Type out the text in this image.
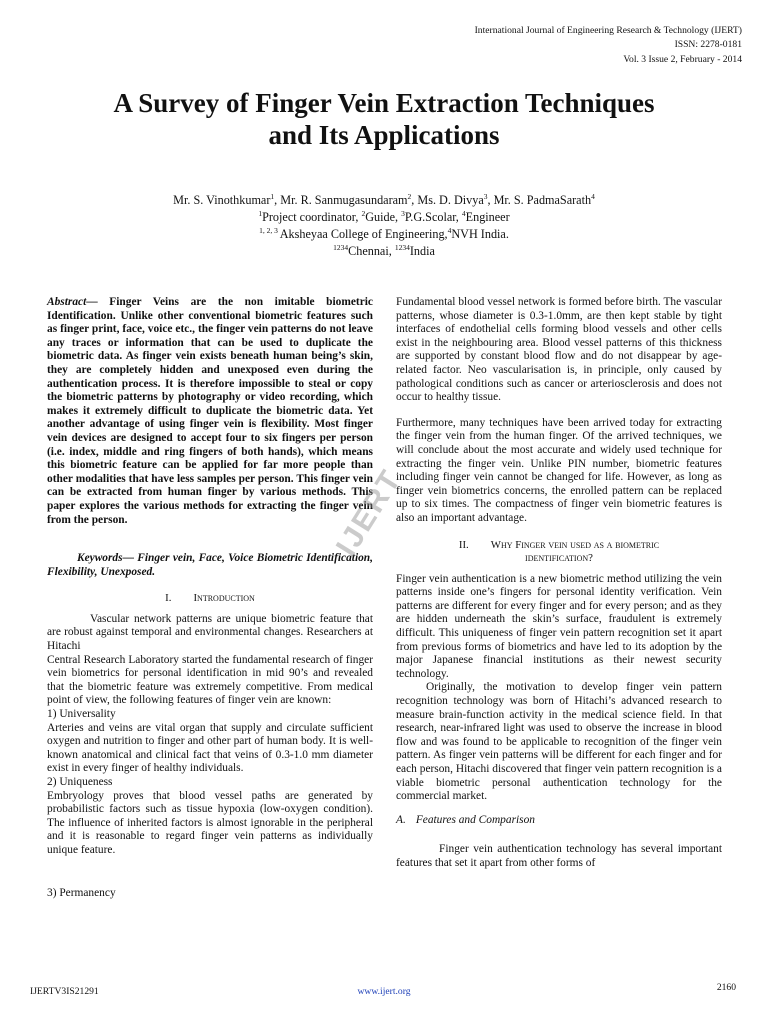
International Journal of Engineering Research & Technology (IJERT)
ISSN: 2278-0181
Vol. 3 Issue 2, February - 2014
A Survey of Finger Vein Extraction Techniques
and Its Applications
Mr. S. Vinothkumar$^1$, Mr. R. Sanmugasundaram$^2$, Ms. D. Divya$^3$, Mr. S. PadmaSarath$^4$
$^1$Project coordinator, $^2$Guide, $^3$P.G.Scolar, $^4$Engineer
$^{1, 2, 3}$ Aksheyaa College of Engineering,$^4$NVH India.
$^{1234}$Chennai, $^{1234}$India

Abstract— Finger Veins are the non imitable biometric Identification. Unlike other conventional biometric features such as finger print, face, voice etc., the finger vein patterns do not leave any traces or information that can be used to duplicate the biometric data. As finger vein exists beneath human being’s skin, they are completely hidden and unexposed even during the authentication process. It is therefore impossible to steal or copy the biometric patterns by photography or video recording, which makes it extremely difficult to duplicate the biometric data. Yet another advantage of using finger vein is flexibility. Most finger vein devices are designed to accept four to six fingers per person (i.e. index, middle and ring fingers of both hands), which means this biometric feature can be applied for far more people than other modalities that have less samples per person. This finger vein can be extracted from human finger by various methods. This paper explores the various methods for extracting the finger vein from the person.

Keywords— Finger vein, Face, Voice Biometric Identification, Flexibility, Unexposed.

I. Introduction

Vascular network patterns are unique biometric feature that are robust against temporal and environmental changes. Researchers at Hitachi

Central Research Laboratory started the fundamental research of finger vein biometrics for personal identification in mid 90’s and revealed that the biometric feature was extremely competitive. From medical point of view, the following features of finger vein are known:

1) Universality

Arteries and veins are vital organ that supply and circulate sufficient oxygen and nutrition to finger and other part of human body. It is well-known anatomical and clinical fact that veins of 0.3-1.0 mm diameter exist in every finger of healthy individuals.

2) Uniqueness

Embryology proves that blood vessel paths are generated by probabilistic factors such as tissue hypoxia (low-oxygen condition). The influence of inherited factors is almost ignorable in the peripheral and it is reasonable to regard finger vein patterns as individually unique feature.

3) Permanency

Fundamental blood vessel network is formed before birth. The vascular patterns, whose diameter is 0.3-1.0mm, are then kept stable by tight interfaces of endothelial cells forming blood vessels and other cells exist in the neighbouring area. Blood vessel patterns of this thickness are supported by constant blood flow and do not disappear by age-related factor. Neo vascularisation is, in principle, only caused by pathological conditions such as cancer or arteriosclerosis and does not occur to healthy tissue.

Furthermore, many techniques have been arrived today for extracting the finger vein from the human finger. Of the arrived techniques, we will conclude about the most accurate and widely used technique for extracting the finger vein. Unlike PIN number, biometric features including finger vein cannot be changed for life. However, as long as finger vein biometrics concerns, the enrolled pattern can be replaced up to six times. The compactness of finger vein biometric features is also an important advantage.

II. Why Finger vein used as a biometric
identification?

Finger vein authentication is a new biometric method utilizing the vein patterns inside one’s fingers for personal identity verification. Vein patterns are different for every finger and for every person; and as they are hidden underneath the skin’s surface, fraudulent is extremely difficult. This uniqueness of finger vein pattern recognition set it apart from previous forms of biometrics and have led to its adoption by the major Japanese financial institutions as their newest security technology.

Originally, the motivation to develop finger vein pattern recognition technology was born of Hitachi’s advanced research to measure brain-function activity in the medical science field. In that research, near-infrared light was used to observe the increase in blood flow and was found to be applicable to recognition of the finger vein pattern. As finger vein patterns will be different for each finger and for each person, Hitachi discovered that finger vein pattern recognition is a viable biometric personal authentication technology for the commercial market.

A. Features and Comparison

Finger vein authentication technology has several important features that set it apart from other forms of

IJERT
IJERTV3IS21291	www.ijert.org	2160
